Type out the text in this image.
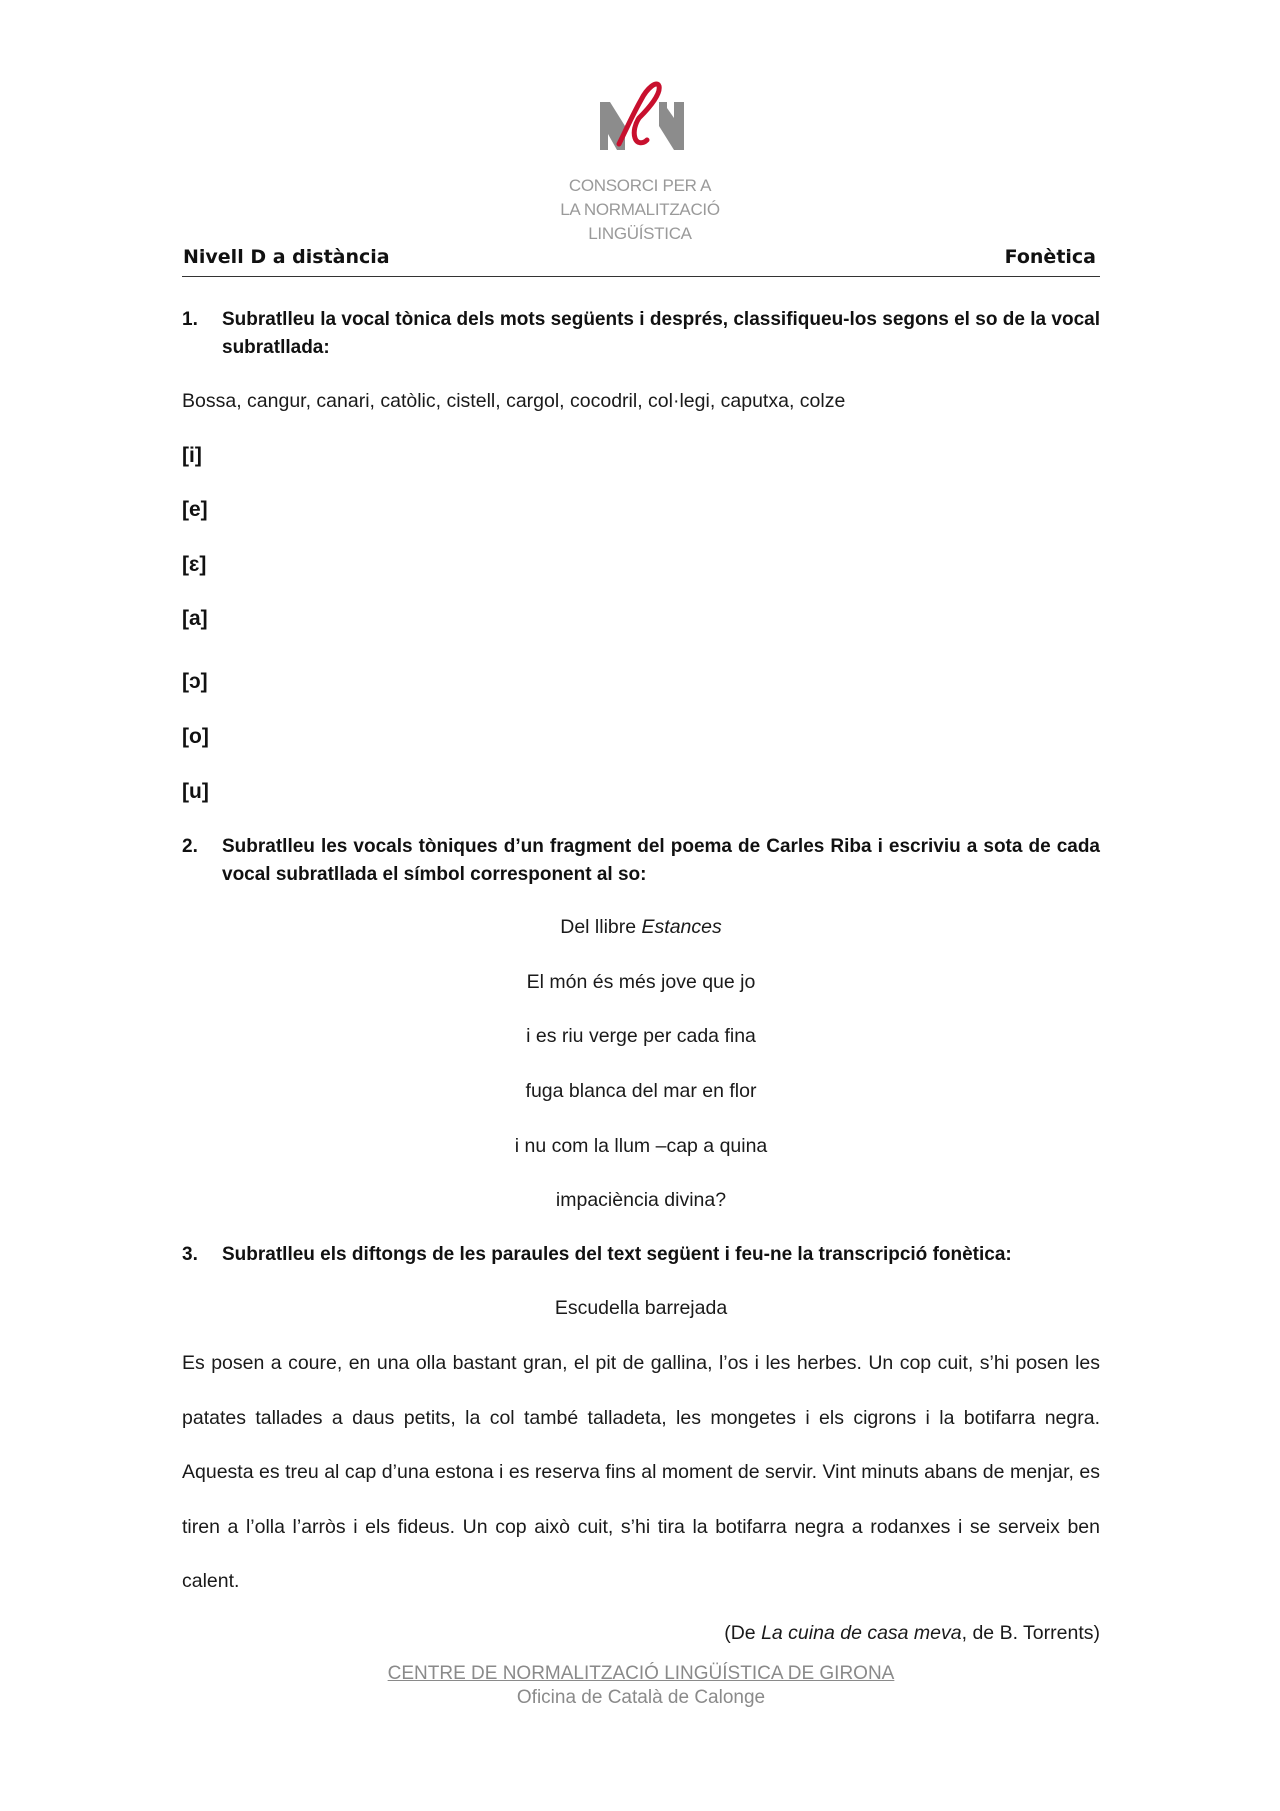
CONSORCI PER A
LA NORMALITZACIÓ
LINGÜÍSTICA
Nivell D a distància	Fonètica
1. Subratlleu la vocal tònica dels mots següents i després, classifiqueu-los segons el so de la vocal subratllada:
Bossa, cangur, canari, catòlic, cistell, cargol, cocodril, col·legi, caputxa, colze
[i]
[e]
[ɛ]
[a]
[ɔ]
[o]
[u]
2. Subratlleu les vocals tòniques d’un fragment del poema de Carles Riba i escriviu a sota de cada vocal subratllada el símbol corresponent al so:
Del llibre Estances
El món és més jove que jo
i es riu verge per cada fina
fuga blanca del mar en flor
i nu com la llum –cap a quina
impaciència divina?
3. Subratlleu els diftongs de les paraules del text següent i feu-ne la transcripció fonètica:
Escudella barrejada
Es posen a coure, en una olla bastant gran, el pit de gallina, l’os i les herbes. Un cop cuit, s’hi posen les patates tallades a daus petits, la col també talladeta, les mongetes i els cigrons i la botifarra negra. Aquesta es treu al cap d’una estona i es reserva fins al moment de servir. Vint minuts abans de menjar, es tiren a l’olla l’arròs i els fideus. Un cop això cuit, s’hi tira la botifarra negra a rodanxes i se serveix ben calent.
(De La cuina de casa meva, de B. Torrents)
CENTRE DE NORMALITZACIÓ LINGÜÍSTICA DE GIRONA
Oficina de Català de Calonge
